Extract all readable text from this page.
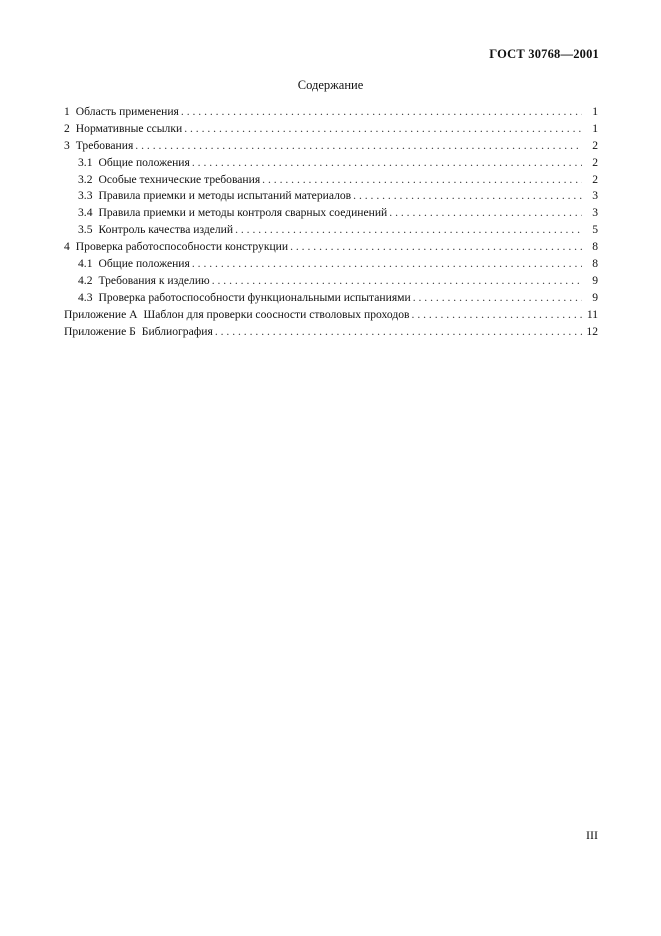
ГОСТ 30768—2001
Содержание
1 Область применения . . .	1
2 Нормативные ссылки . . .	1
3 Требования . . .	2
3.1 Общие положения . . .	2
3.2 Особые технические требования . . .	2
3.3 Правила приемки и методы испытаний материалов . . .	3
3.4 Правила приемки и методы контроля сварных соединений . . .	3
3.5 Контроль качества изделий . . .	5
4 Проверка работоспособности конструкции . . .	8
4.1 Общие положения . . .	8
4.2 Требования к изделию . . .	9
4.3 Проверка работоспособности функциональными испытаниями . . .	9
Приложение А Шаблон для проверки соосности стволовых проходов . . .	11
Приложение Б Библиография . . .	12
III
